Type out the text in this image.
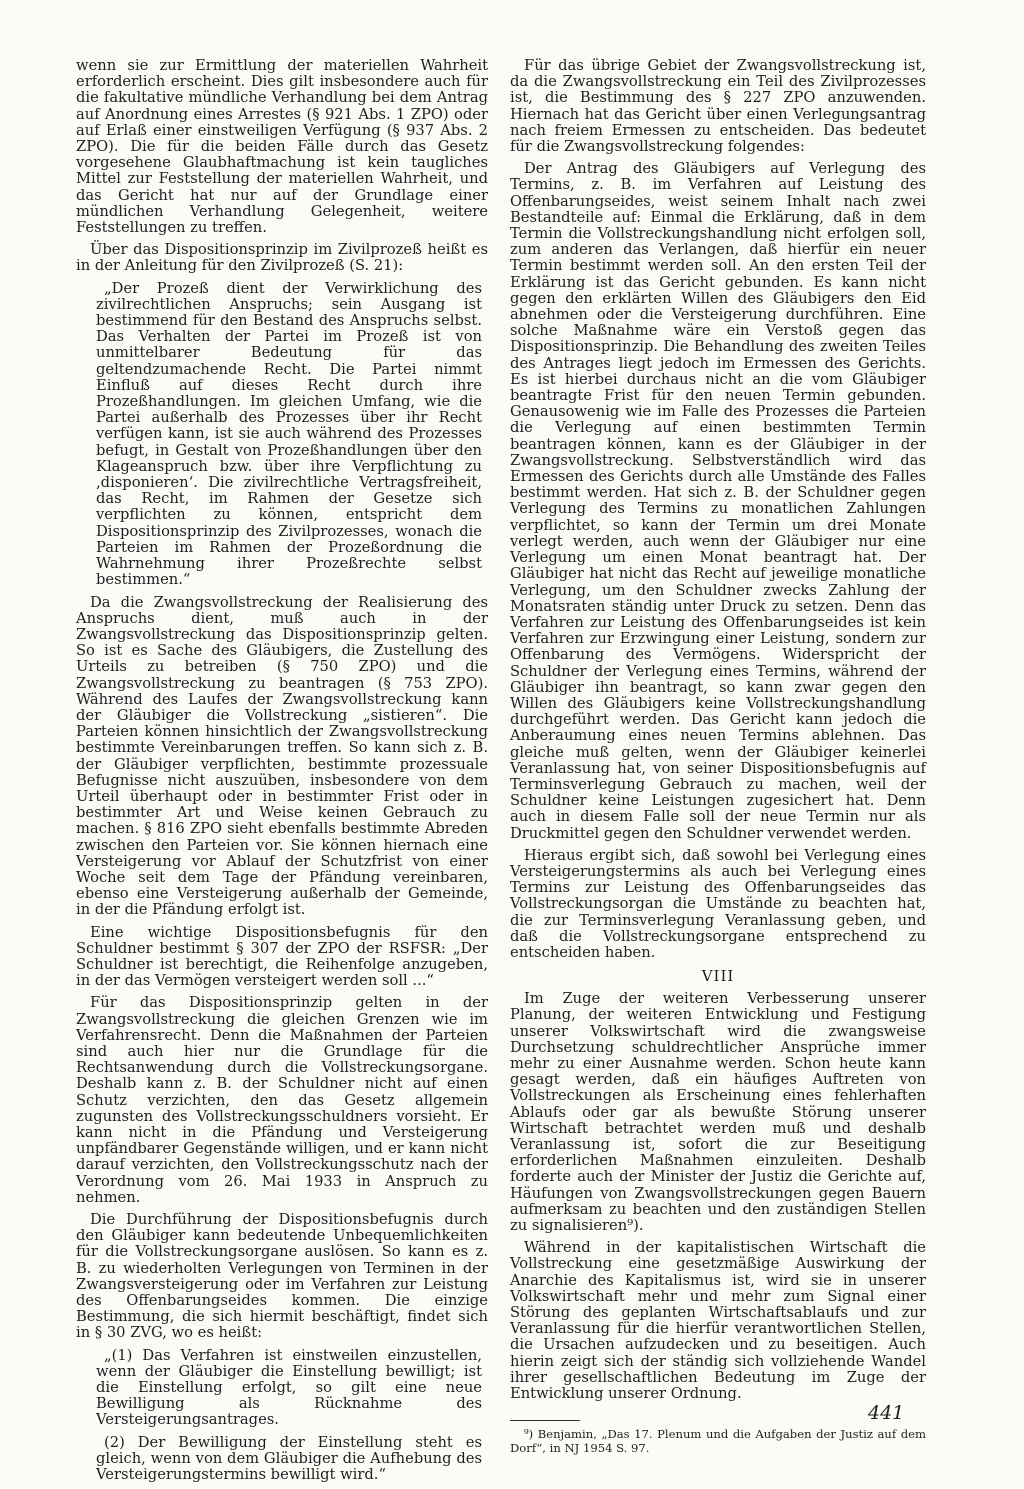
wenn sie zur Ermittlung der materiellen Wahrheit erforderlich erscheint. Dies gilt insbesondere auch für die fakultative mündliche Verhandlung bei dem Antrag auf Anordnung eines Arrestes (§ 921 Abs. 1 ZPO) oder auf Erlaß einer einstweiligen Verfügung (§ 937 Abs. 2 ZPO). Die für die beiden Fälle durch das Gesetz vorgesehene Glaubhaftmachung ist kein taugliches Mittel zur Feststellung der materiellen Wahrheit, und das Gericht hat nur auf der Grundlage einer mündlichen Verhandlung Gelegenheit, weitere Feststellungen zu treffen.

Über das Dispositionsprinzip im Zivilprozeß heißt es in der Anleitung für den Zivilprozeß (S. 21):

„Der Prozeß dient der Verwirklichung des zivilrechtlichen Anspruchs; sein Ausgang ist bestimmend für den Bestand des Anspruchs selbst. Das Verhalten der Partei im Prozeß ist von unmittelbarer Bedeutung für das geltendzumachende Recht. Die Partei nimmt Einfluß auf dieses Recht durch ihre Prozeßhandlungen. Im gleichen Umfang, wie die Partei außerhalb des Prozesses über ihr Recht verfügen kann, ist sie auch während des Prozesses befugt, in Gestalt von Prozeßhandlungen über den Klageanspruch bzw. über ihre Verpflichtung zu ‚disponieren‘. Die zivilrechtliche Vertragsfreiheit, das Recht, im Rahmen der Gesetze sich verpflichten zu können, entspricht dem Dispositionsprinzip des Zivilprozesses, wonach die Parteien im Rahmen der Prozeßordnung die Wahrnehmung ihrer Prozeßrechte selbst bestimmen.“

Da die Zwangsvollstreckung der Realisierung des Anspruchs dient, muß auch in der Zwangsvollstreckung das Dispositionsprinzip gelten. So ist es Sache des Gläubigers, die Zustellung des Urteils zu betreiben (§ 750 ZPO) und die Zwangsvollstreckung zu beantragen (§ 753 ZPO). Während des Laufes der Zwangsvollstreckung kann der Gläubiger die Vollstreckung „sistieren“. Die Parteien können hinsichtlich der Zwangsvollstreckung bestimmte Vereinbarungen treffen. So kann sich z. B. der Gläubiger verpflichten, bestimmte prozessuale Befugnisse nicht auszuüben, insbesondere von dem Urteil überhaupt oder in bestimmter Frist oder in bestimmter Art und Weise keinen Gebrauch zu machen. § 816 ZPO sieht ebenfalls bestimmte Abreden zwischen den Parteien vor. Sie können hiernach eine Versteigerung vor Ablauf der Schutzfrist von einer Woche seit dem Tage der Pfändung vereinbaren, ebenso eine Versteigerung außerhalb der Gemeinde, in der die Pfändung erfolgt ist.

Eine wichtige Dispositionsbefugnis für den Schuldner bestimmt § 307 der ZPO der RSFSR: „Der Schuldner ist berechtigt, die Reihenfolge anzugeben, in der das Vermögen versteigert werden soll ...“

Für das Dispositionsprinzip gelten in der Zwangsvollstreckung die gleichen Grenzen wie im Verfahrensrecht. Denn die Maßnahmen der Parteien sind auch hier nur die Grundlage für die Rechtsanwendung durch die Vollstreckungsorgane. Deshalb kann z. B. der Schuldner nicht auf einen Schutz verzichten, den das Gesetz allgemein zugunsten des Vollstreckungsschuldners vorsieht. Er kann nicht in die Pfändung und Versteigerung unpfändbarer Gegenstände willigen, und er kann nicht darauf verzichten, den Vollstreckungsschutz nach der Verordnung vom 26. Mai 1933 in Anspruch zu nehmen.

Die Durchführung der Dispositionsbefugnis durch den Gläubiger kann bedeutende Unbequemlichkeiten für die Vollstreckungsorgane auslösen. So kann es z. B. zu wiederholten Verlegungen von Terminen in der Zwangsversteigerung oder im Verfahren zur Leistung des Offenbarungseides kommen. Die einzige Bestimmung, die sich hiermit beschäftigt, findet sich in § 30 ZVG, wo es heißt:

„(1) Das Verfahren ist einstweilen einzustellen, wenn der Gläubiger die Einstellung bewilligt; ist die Einstellung erfolgt, so gilt eine neue Bewilligung als Rücknahme des Versteigerungsantrages.

(2) Der Bewilligung der Einstellung steht es gleich, wenn von dem Gläubiger die Aufhebung des Versteigerungstermins bewilligt wird.“

Für das übrige Gebiet der Zwangsvollstreckung ist, da die Zwangsvollstreckung ein Teil des Zivilprozesses ist, die Bestimmung des § 227 ZPO anzuwenden. Hiernach hat das Gericht über einen Verlegungsantrag nach freiem Ermessen zu entscheiden. Das bedeutet für die Zwangsvollstreckung folgendes:

Der Antrag des Gläubigers auf Verlegung des Termins, z. B. im Verfahren auf Leistung des Offenbarungseides, weist seinem Inhalt nach zwei Bestandteile auf: Einmal die Erklärung, daß in dem Termin die Vollstreckungshandlung nicht erfolgen soll, zum anderen das Verlangen, daß hierfür ein neuer Termin bestimmt werden soll. An den ersten Teil der Erklärung ist das Gericht gebunden. Es kann nicht gegen den erklärten Willen des Gläubigers den Eid abnehmen oder die Versteigerung durchführen. Eine solche Maßnahme wäre ein Verstoß gegen das Dispositionsprinzip. Die Behandlung des zweiten Teiles des Antrages liegt jedoch im Ermessen des Gerichts. Es ist hierbei durchaus nicht an die vom Gläubiger beantragte Frist für den neuen Termin gebunden. Genausowenig wie im Falle des Prozesses die Parteien die Verlegung auf einen bestimmten Termin beantragen können, kann es der Gläubiger in der Zwangsvollstreckung. Selbstverständlich wird das Ermessen des Gerichts durch alle Umstände des Falles bestimmt werden. Hat sich z. B. der Schuldner gegen Verlegung des Termins zu monatlichen Zahlungen verpflichtet, so kann der Termin um drei Monate verlegt werden, auch wenn der Gläubiger nur eine Verlegung um einen Monat beantragt hat. Der Gläubiger hat nicht das Recht auf jeweilige monatliche Verlegung, um den Schuldner zwecks Zahlung der Monatsraten ständig unter Druck zu setzen. Denn das Verfahren zur Leistung des Offenbarungseides ist kein Verfahren zur Erzwingung einer Leistung, sondern zur Offenbarung des Vermögens. Widerspricht der Schuldner der Verlegung eines Termins, während der Gläubiger ihn beantragt, so kann zwar gegen den Willen des Gläubigers keine Vollstreckungshandlung durchgeführt werden. Das Gericht kann jedoch die Anberaumung eines neuen Termins ablehnen. Das gleiche muß gelten, wenn der Gläubiger keinerlei Veranlassung hat, von seiner Dispositionsbefugnis auf Terminsverlegung Gebrauch zu machen, weil der Schuldner keine Leistungen zugesichert hat. Denn auch in diesem Falle soll der neue Termin nur als Druckmittel gegen den Schuldner verwendet werden.

Hieraus ergibt sich, daß sowohl bei Verlegung eines Versteigerungstermins als auch bei Verlegung eines Termins zur Leistung des Offenbarungseides das Vollstreckungsorgan die Umstände zu beachten hat, die zur Terminsverlegung Veranlassung geben, und daß die Vollstreckungsorgane entsprechend zu entscheiden haben.

VIII

Im Zuge der weiteren Verbesserung unserer Planung, der weiteren Entwicklung und Festigung unserer Volkswirtschaft wird die zwangsweise Durchsetzung schuldrechtlicher Ansprüche immer mehr zu einer Ausnahme werden. Schon heute kann gesagt werden, daß ein häufiges Auftreten von Vollstreckungen als Erscheinung eines fehlerhaften Ablaufs oder gar als bewußte Störung unserer Wirtschaft betrachtet werden muß und deshalb Veranlassung ist, sofort die zur Beseitigung erforderlichen Maßnahmen einzuleiten. Deshalb forderte auch der Minister der Justiz die Gerichte auf, Häufungen von Zwangsvollstreckungen gegen Bauern aufmerksam zu beachten und den zuständigen Stellen zu signalisieren⁹).

Während in der kapitalistischen Wirtschaft die Vollstreckung eine gesetzmäßige Auswirkung der Anarchie des Kapitalismus ist, wird sie in unserer Volkswirtschaft mehr und mehr zum Signal einer Störung des geplanten Wirtschaftsablaufs und zur Veranlassung für die hierfür verantwortlichen Stellen, die Ursachen aufzudecken und zu beseitigen. Auch hierin zeigt sich der ständig sich vollziehende Wandel ihrer gesellschaftlichen Bedeutung im Zuge der Entwicklung unserer Ordnung.

⁹) Benjamin, „Das 17. Plenum und die Aufgaben der Justiz auf dem Dorf“, in NJ 1954 S. 97.

441
